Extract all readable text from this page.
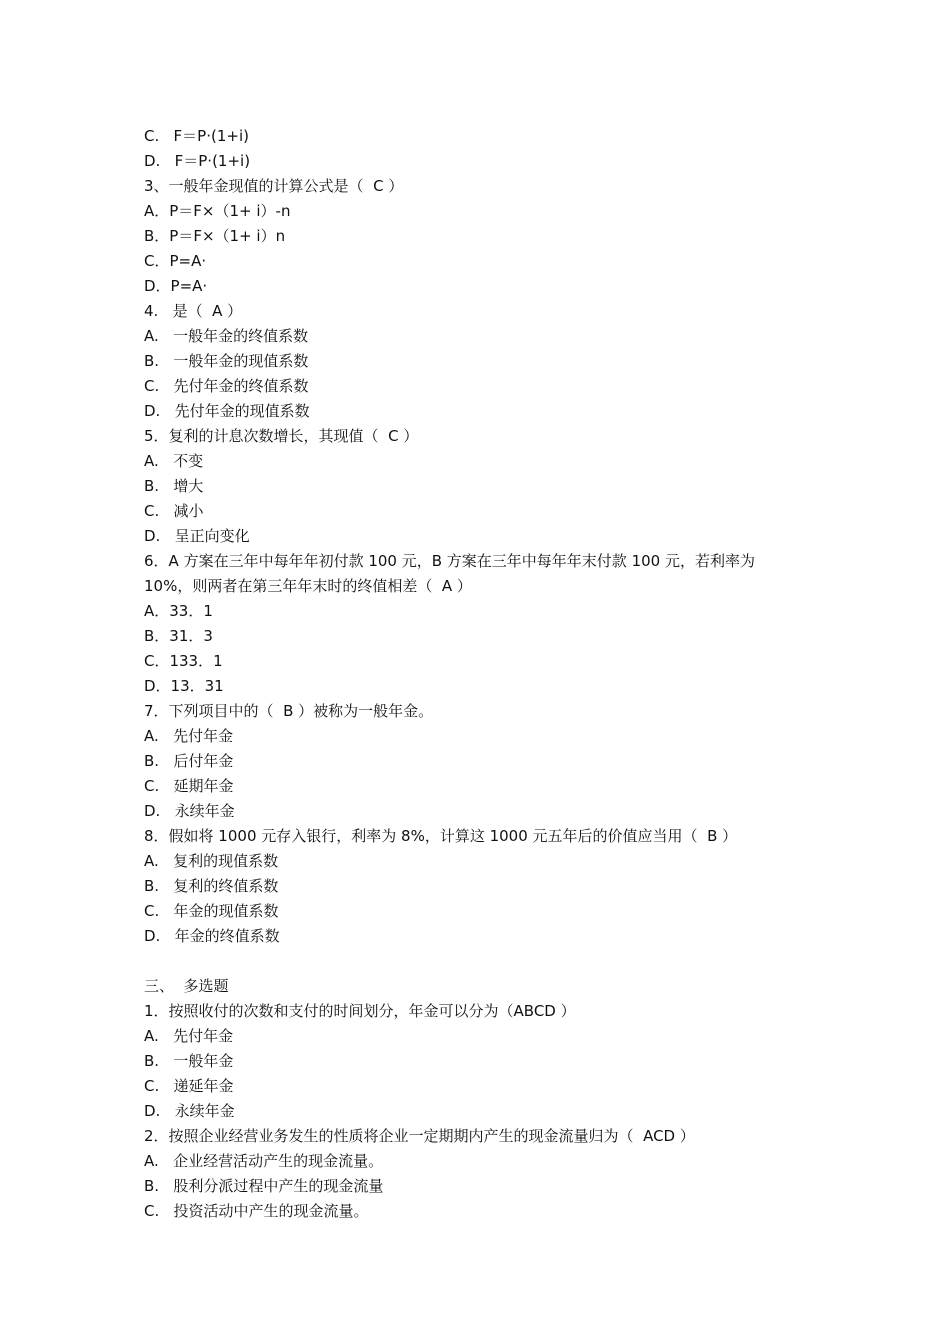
C.   F＝P·(1+i)
D.   F＝P·(1+i)
3、一般年金现值的计算公式是（  C ）
A．P＝F×（1+ i）-n
B．P＝F×（1+ i）n
C．P=A·
D．P=A·
4.   是（  A ）
A.   一般年金的终值系数
B.   一般年金的现值系数
C.   先付年金的终值系数
D.   先付年金的现值系数
5．复利的计息次数增长，其现值（  C ）
A.   不变
B.   增大
C.   减小
D.   呈正向变化
6．A 方案在三年中每年年初付款 100 元，B 方案在三年中每年年末付款 100 元，若利率为
10%，则两者在第三年年末时的终值相差（  A ）
A．33．1
B．31．3
C．133．1
D．13．31
7．下列项目中的（  B ）被称为一般年金。
A.   先付年金
B.   后付年金
C.   延期年金
D.   永续年金
8．假如将 1000 元存入银行，利率为 8%，计算这 1000 元五年后的价值应当用（  B ）
A.   复利的现值系数
B.   复利的终值系数
C.   年金的现值系数
D.   年金的终值系数
三、  多选题
1．按照收付的次数和支付的时间划分，年金可以分为（ABCD ）
A.   先付年金
B.   一般年金
C.   递延年金
D.   永续年金
2．按照企业经营业务发生的性质将企业一定期期内产生的现金流量归为（  ACD ）
A.   企业经营活动产生的现金流量。
B.   股利分派过程中产生的现金流量
C.   投资活动中产生的现金流量。
